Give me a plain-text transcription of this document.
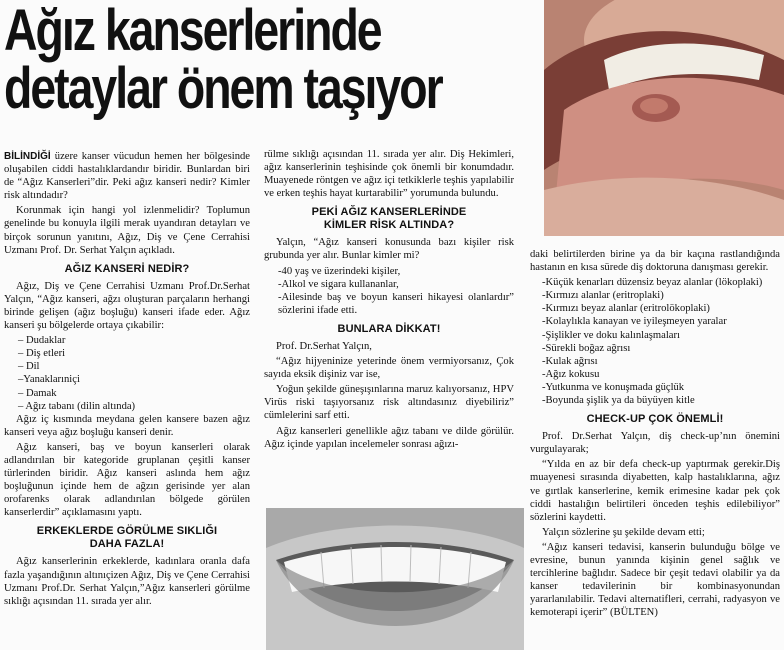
Ağız kanserlerinde
detaylar önem taşıyor

BİLİNDİĞİ üzere kanser vücudun hemen her bölgesinde oluşabilen ciddi hastalıklardandır biridir. Bunlardan biri de “Ağız Kanserleri”dir. Peki ağız kanseri nedir? Kimler risk altındadır?

Korunmak için hangi yol izlenmelidir? Toplumun genelinde bu konuyla ilgili merak uyandıran detayları ve birçok sorunun yanıtını, Ağız, Diş ve Çene Cerrahisi Uzmanı Prof. Dr. Serhat Yalçın açıkladı.

AĞIZ KANSERİ NEDİR?

Ağız, Diş ve Çene Cerrahisi Uzmanı Prof.Dr.Serhat Yalçın, “Ağız kanseri, ağzı oluşturan parçaların herhangi birinde gelişen (ağız boşluğu) kanseri ifade eder. Ağız kanseri şu bölgelerde ortaya çıkabilir:

– Dudaklar

– Diş etleri

– Dil

–Yanaklarıniçi

– Damak

– Ağız tabanı (dilin altında)

Ağız iç kısmında meydana gelen kansere bazen ağız kanseri veya ağız boşluğu kanseri denir.

Ağız kanseri, baş ve boyun kanserleri olarak adlandırılan bir kategoride gruplanan çeşitli kanser türlerinden biridir. Ağız kanseri aslında hem ağız boşluğunun içinde hem de ağzın gerisinde yer alan orofarenks olarak adlandırılan bölgede görülen kanserlerdir” açıklamasını yaptı.

ERKEKLERDE GÖRÜLME SIKLIĞI
DAHA FAZLA!

Ağız kanserlerinin erkeklerde, kadınlara oranla dafa fazla yaşandığının altınıçizen Ağız, Diş ve Çene Cerrahisi Uzmanı Prof.Dr. Serhat Yalçın,”Ağız kanserleri görülme sıklığı açısından 11. sırada yer alır.

rülme sıklığı açısından 11. sırada yer alır. Diş Hekimleri, ağız kanserlerinin teşhisinde çok önemli bir konumdadır. Muayenede röntgen ve ağız içi tetkiklerle teşhis yapılabilir ve erken teşhis hayat kurtarabilir” yorumunda bulundu.

PEKİ AĞIZ KANSERLERİNDE
KİMLER RİSK ALTINDA?

Yalçın, “Ağız kanseri konusunda bazı kişiler risk grubunda yer alır. Bunlar kimler mi?

-40 yaş ve üzerindeki kişiler,

-Alkol ve sigara kullananlar,

-Ailesinde baş ve boyun kanseri hikayesi olanlardır” sözlerini ifade etti.

BUNLARA DİKKAT!

Prof. Dr.Serhat Yalçın,

“Ağız hijyeninize yeterinde önem vermiyorsanız, Çok sayıda eksik dişiniz var ise,

Yoğun şekilde güneşışınlarına maruz kalıyorsanız, HPV Virüs riski taşıyorsanız risk altındasınız diyebiliriz” cümlelerini sarf etti.

Ağız kanserleri genellikle ağız tabanı ve dilde görülür. Ağız içinde yapılan incelemeler sonrası ağızı-

daki belirtilerden birine ya da bir kaçına rastlandığında hastanın en kısa sürede diş doktoruna danışması gerekir.

-Küçük kenarları düzensiz beyaz alanlar (lökoplaki)

-Kırmızı alanlar (eritroplaki)

-Kırmızı beyaz alanlar (eritrolökoplaki)

-Kolaylıkla kanayan ve iyileşmeyen yaralar

-Şişlikler ve doku kalınlaşmaları

-Sürekli boğaz ağrısı

-Kulak ağrısı

-Ağız kokusu

-Yutkunma ve konuşmada güçlük

-Boyunda şişlik ya da büyüyen kitle

CHECK-UP ÇOK ÖNEMLİ!

Prof. Dr.Serhat Yalçın, diş check-up’nın önemini vurgulayarak;

“Yılda en az bir defa check-up yaptırmak gerekir.Diş muayenesi sırasında diyabetten, kalp hastalıklarına, ağız ve gırtlak kanserlerine, kemik erimesine kadar pek çok ciddi hastalığın belirtileri önceden teşhis edilebiliyor” sözlerini kaydetti.

Yalçın sözlerine şu şekilde devam etti;

“Ağız kanseri tedavisi, kanserin bulunduğu bölge ve evresine, bunun yanında kişinin genel sağlık ve tercihlerine bağlıdır. Sadece bir çeşit tedavi olabilir ya da kanser tedavilerinin bir kombinasyonundan yararlanılabilir. Tedavi alternatifleri, cerrahi, radyasyon ve kemoterapi içerir” (BÜLTEN)
